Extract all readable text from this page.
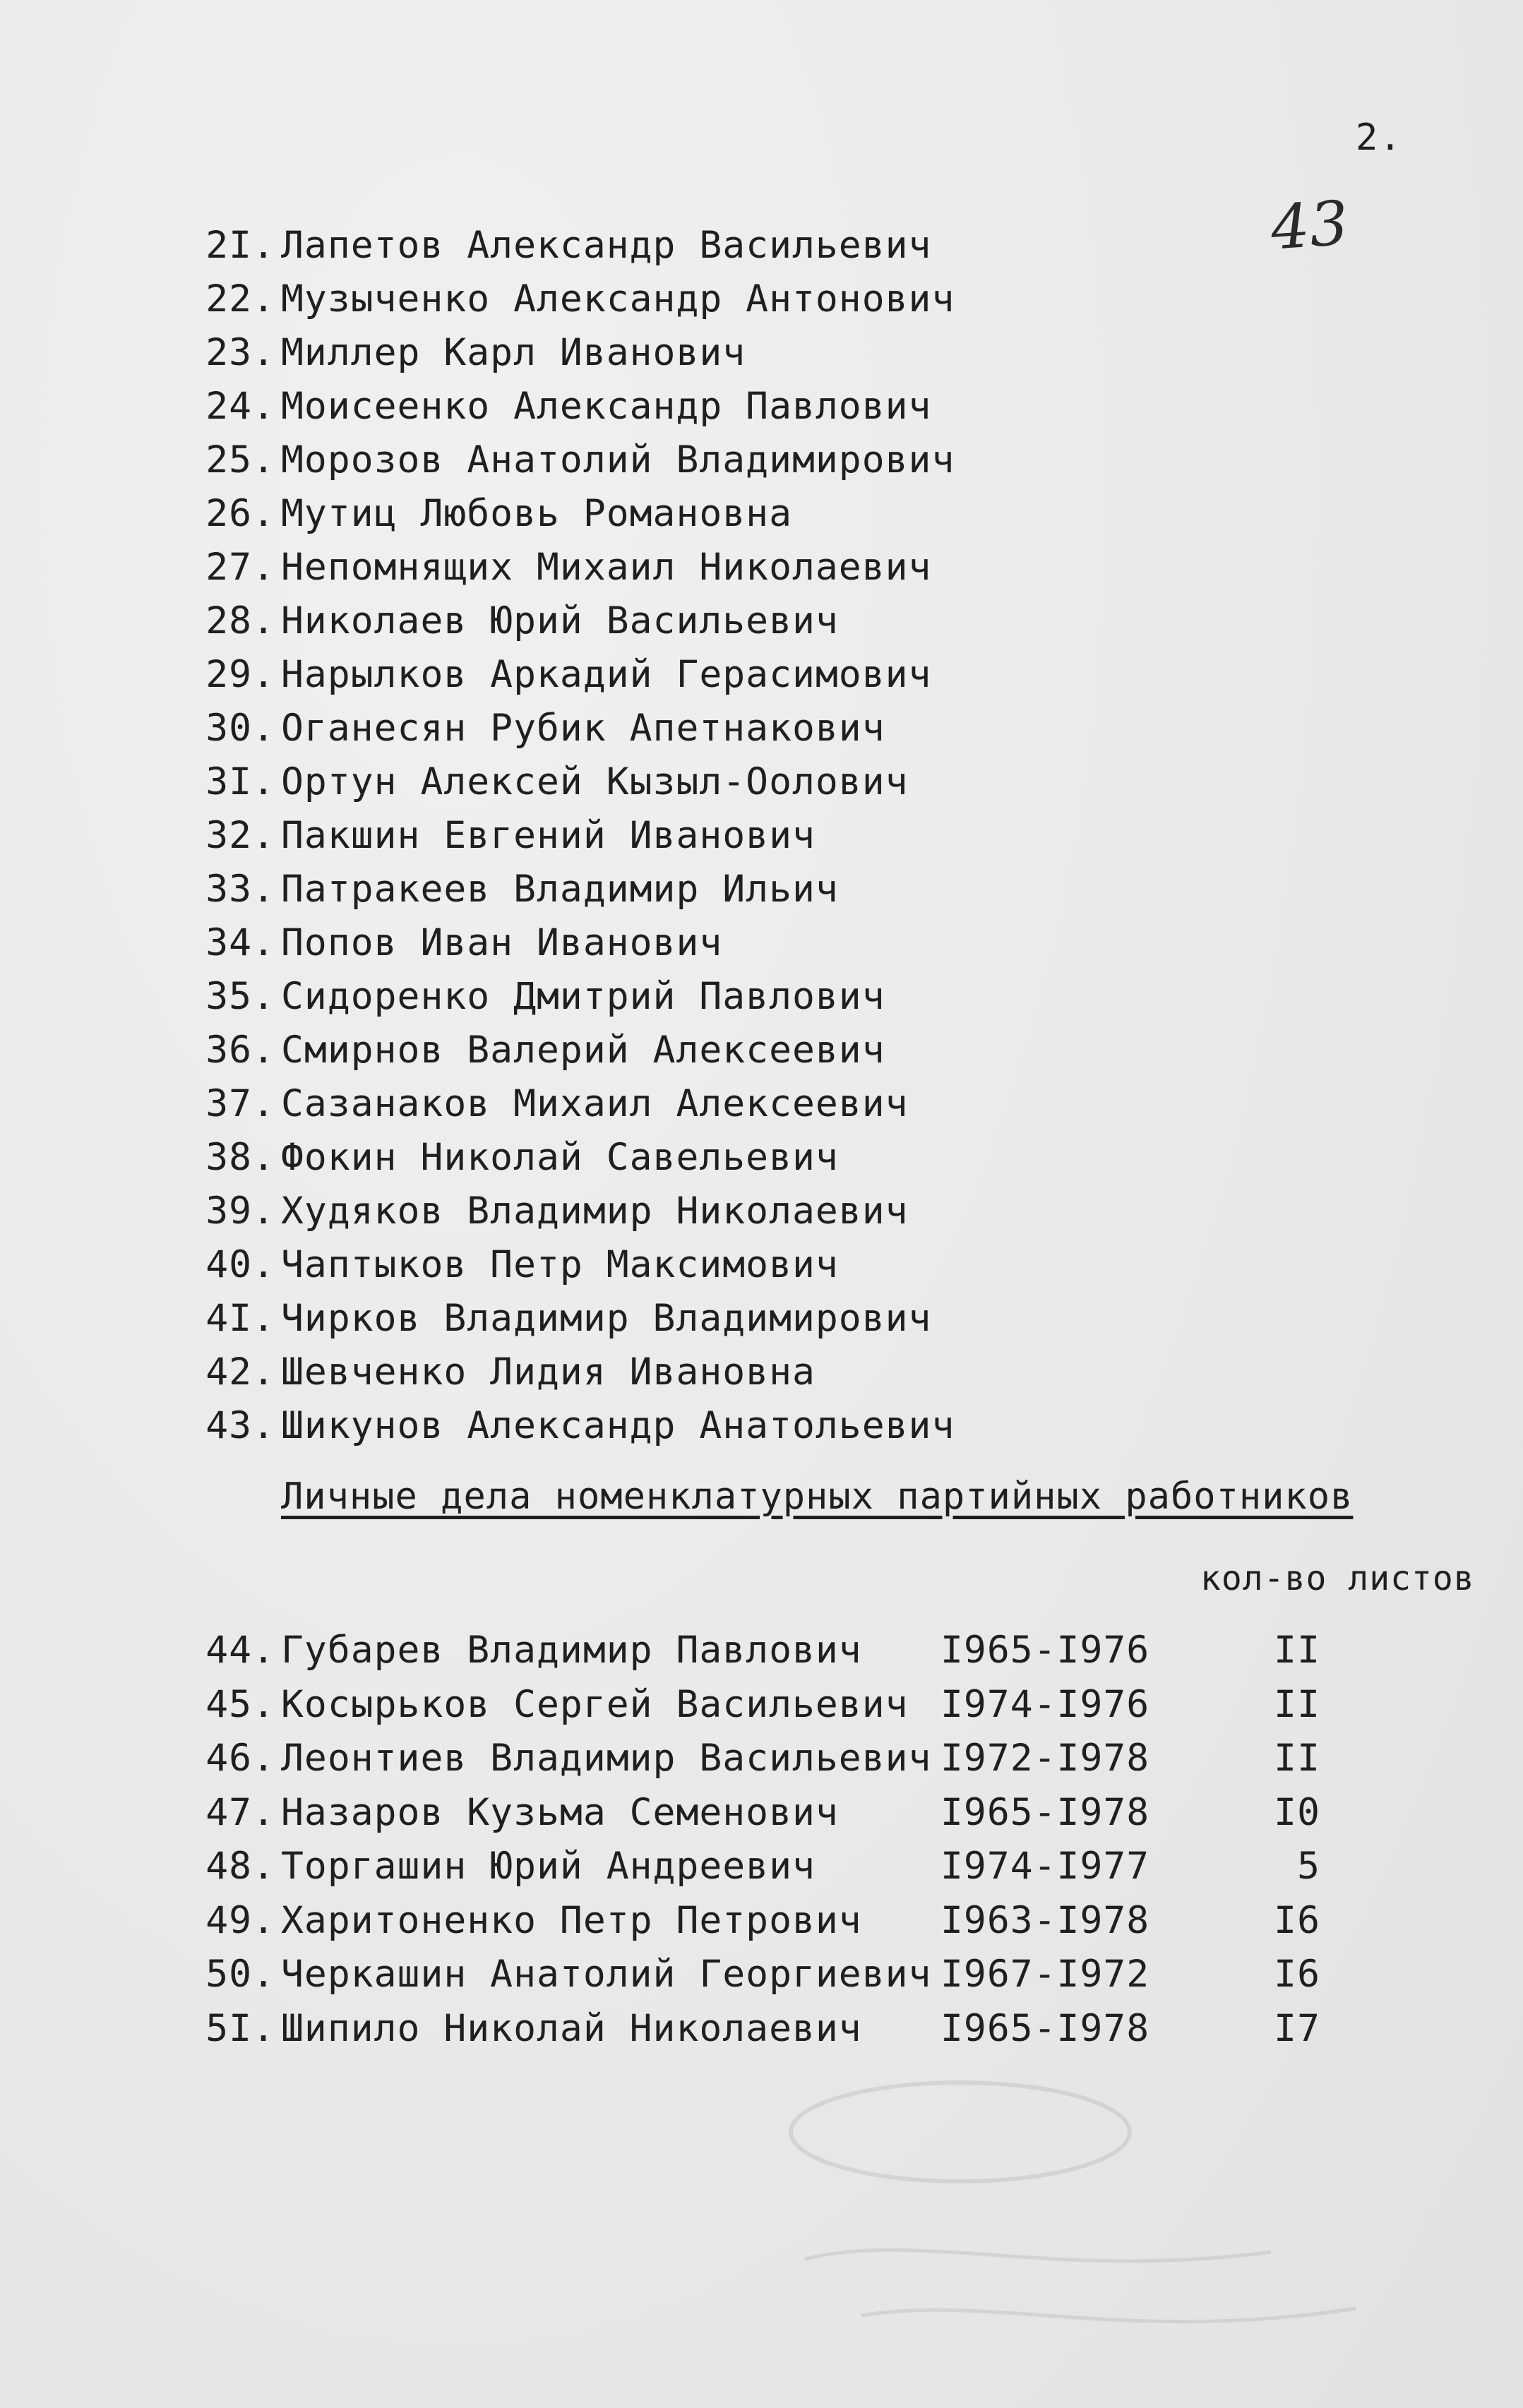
2.
43
2I. Лапетов Александр Васильевич
22. Музыченко Александр Антонович
23. Миллер Карл Иванович
24. Моисеенко Александр Павлович
25. Морозов Анатолий Владимирович
26. Мутиц Любовь Романовна
27. Непомнящих Михаил Николаевич
28. Николаев Юрий Васильевич
29. Нарылков Аркадий Герасимович
30. Оганесян Рубик Апетнакович
3I. Ортун Алексей Кызыл-Оолович
32. Пакшин Евгений Иванович
33. Патракеев Владимир Ильич
34. Попов Иван Иванович
35. Сидоренко Дмитрий Павлович
36. Смирнов Валерий Алексеевич
37. Сазанаков Михаил Алексеевич
38. Фокин Николай Савельевич
39. Худяков Владимир Николаевич
40. Чаптыков Петр Максимович
4I. Чирков Владимир Владимирович
42. Шевченко Лидия Ивановна
43. Шикунов Александр Анатольевич
Личные дела номенклатурных партийных работников
кол-во листов
44. Губарев Владимир Павлович I965-I976	II
45. Косырьков Сергей Васильевич I974-I976	II
46. Леонтиев Владимир Васильевич I972-I978	II
47. Назаров Кузьма Семенович	I965-I978	I0
48. Торгашин Юрий Андреевич	I974-I977	5
49. Харитоненко Петр Петрович I963-I978	I6
50. Черкашин Анатолий Георгиевич I967-I972	I6
5I. Шипило Николай Николаевич I965-I978	I7
